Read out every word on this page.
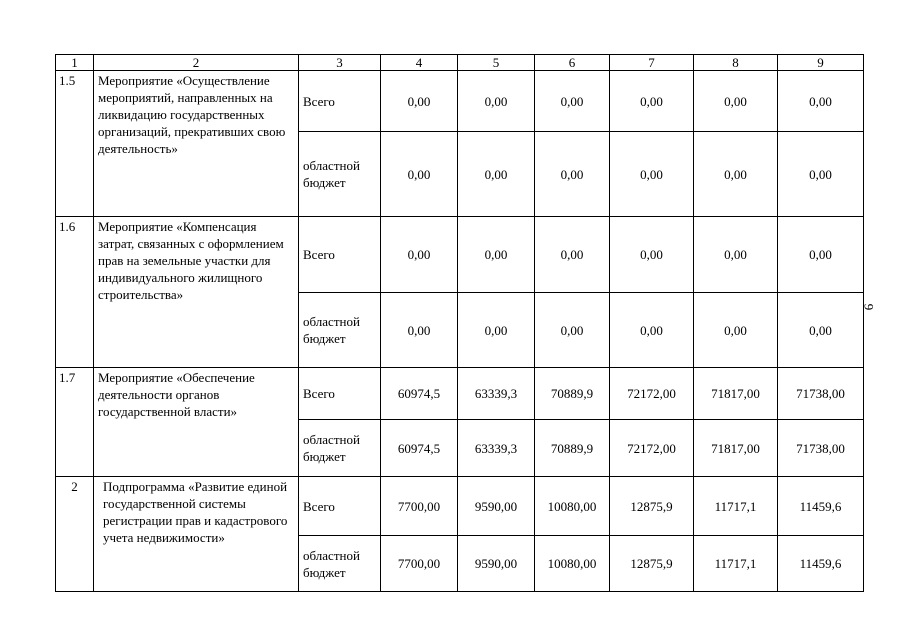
1	2	3	4	5	6	7	8	9
1.5	Мероприятие «Осуществление мероприятий, направленных на ликвидацию государственных организаций, прекративших свою деятельность»	Всего	0,00	0,00	0,00	0,00	0,00	0,00
		областной бюджет	0,00	0,00	0,00	0,00	0,00	0,00
1.6	Мероприятие «Компенсация затрат, связанных с оформлением прав на земельные участки для индивидуального жилищного строительства»	Всего	0,00	0,00	0,00	0,00	0,00	0,00
		областной бюджет	0,00	0,00	0,00	0,00	0,00	0,00
1.7	Мероприятие «Обеспечение деятельности органов государственной власти»	Всего	60974,5	63339,3	70889,9	72172,00	71817,00	71738,00
		областной бюджет	60974,5	63339,3	70889,9	72172,00	71817,00	71738,00
2	Подпрограмма «Развитие единой государственной системы регистрации прав и кадастрового учета недвижимости»	Всего	7700,00	9590,00	10080,00	12875,9	11717,1	11459,6
		областной бюджет	7700,00	9590,00	10080,00	12875,9	11717,1	11459,6
9
